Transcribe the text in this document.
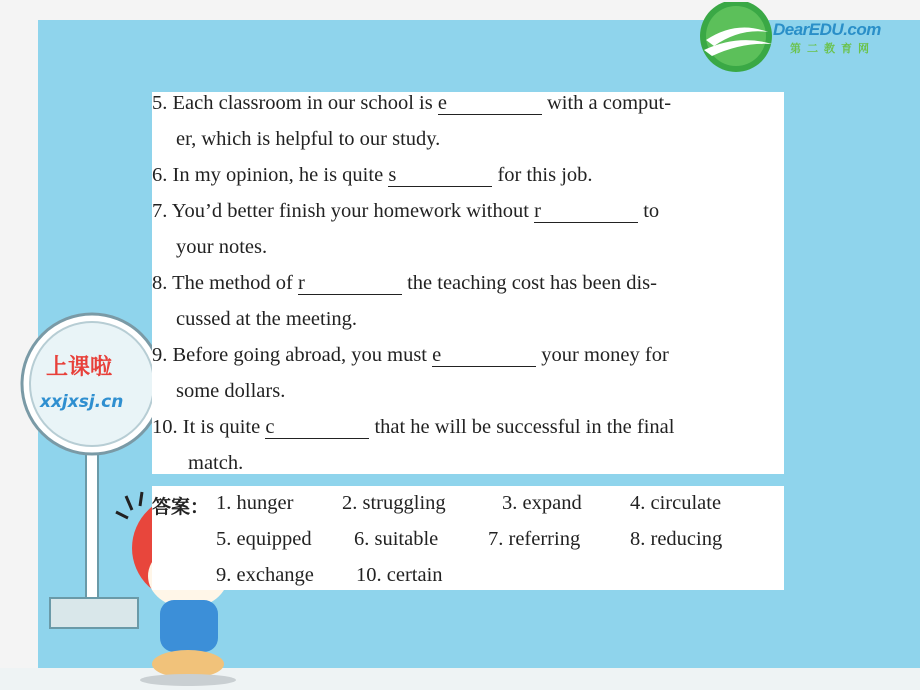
DearEDU.com
第二教育网
上课啦
xxjxsj.cn
5. Each classroom in our school is e	with a comput-
er, which is helpful to our study.
6. In my opinion, he is quite s	for this job.
7. You’d better finish your homework without r	to
your notes.
8. The method of r	the teaching cost has been dis-
cussed at the meeting.
9. Before going abroad, you must e	your money for
some dollars.
10. It is quite c	that he will be successful in the final
match.
答案： 1. hunger 2. struggling	3. expand 4. circulate
5. equipped 6. suitable 7. referring 8. reducing
9. exchange 10. certain
